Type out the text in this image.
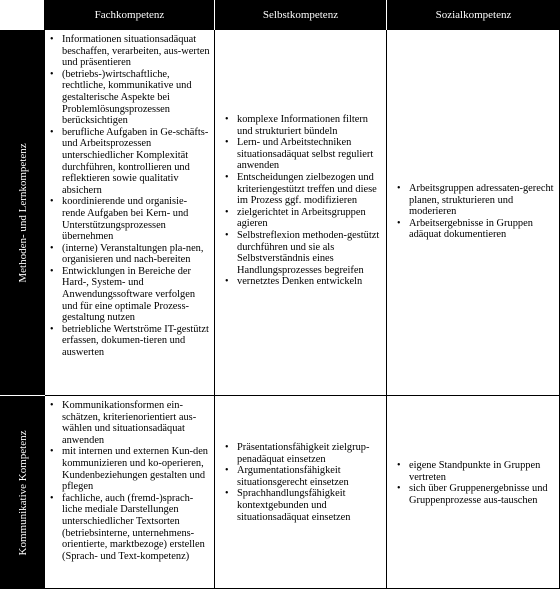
Fachkompetenz	Selbstkompetenz	Sozialkompetenz
Methoden- und Lernkompetenz
• Informationen situationsadäquat beschaffen, verarbeiten, aus-werten und präsentieren
• (betriebs-)wirtschaftliche, rechtliche, kommunikative und gestalterische Aspekte bei Problemlösungsprozessen berücksichtigen
• berufliche Aufgaben in Ge-schäfts- und Arbeitsprozessen unterschiedlicher Komplexität durchführen, kontrollieren und reflektieren sowie qualitativ absichern
• koordinierende und organisie-rende Aufgaben bei Kern- und Unterstützungsprozessen übernehmen
• (interne) Veranstaltungen pla-nen, organisieren und nach-bereiten
• Entwicklungen in Bereiche der Hard-, System- und Anwendungssoftware verfolgen und für eine optimale Prozess-gestaltung nutzen
• betriebliche Wertströme IT-gestützt erfassen, dokumen-tieren und auswerten
• komplexe Informationen filtern und strukturiert bündeln
• Lern- und Arbeitstechniken situationsadäquat selbst reguliert anwenden
• Entscheidungen zielbezogen und kriteriengestützt treffen und diese im Prozess ggf. modifizieren
• zielgerichtet in Arbeitsgruppen agieren
• Selbstreflexion methoden-gestützt durchführen und sie als Selbstverständnis eines Handlungsprozesses begreifen
• vernetztes Denken entwickeln
• Arbeitsgruppen adressaten-gerecht planen, strukturieren und moderieren
• Arbeitsergebnisse in Gruppen adäquat dokumentieren
Kommunikative Kompetenz
• Kommunikationsformen ein-schätzen, kriterienorientiert aus-wählen und situationsadäquat anwenden
• mit internen und externen Kun-den kommunizieren und ko-operieren, Kundenbeziehungen gestalten und pflegen
• fachliche, auch (fremd-)sprach-liche mediale Darstellungen unterschiedlicher Textsorten (betriebsinterne, unternehmens-orientierte, marktbezoge) erstellen (Sprach- und Text-kompetenz)
• Präsentationsfähigkeit zielgrup-penadäquat einsetzen
• Argumentationsfähigkeit situationsgerecht einsetzen
• Sprachhandlungsfähigkeit kontextgebunden und situationsadäquat einsetzen
• eigene Standpunkte in Gruppen vertreten
• sich über Gruppenergebnisse und Gruppenprozesse aus-tauschen
